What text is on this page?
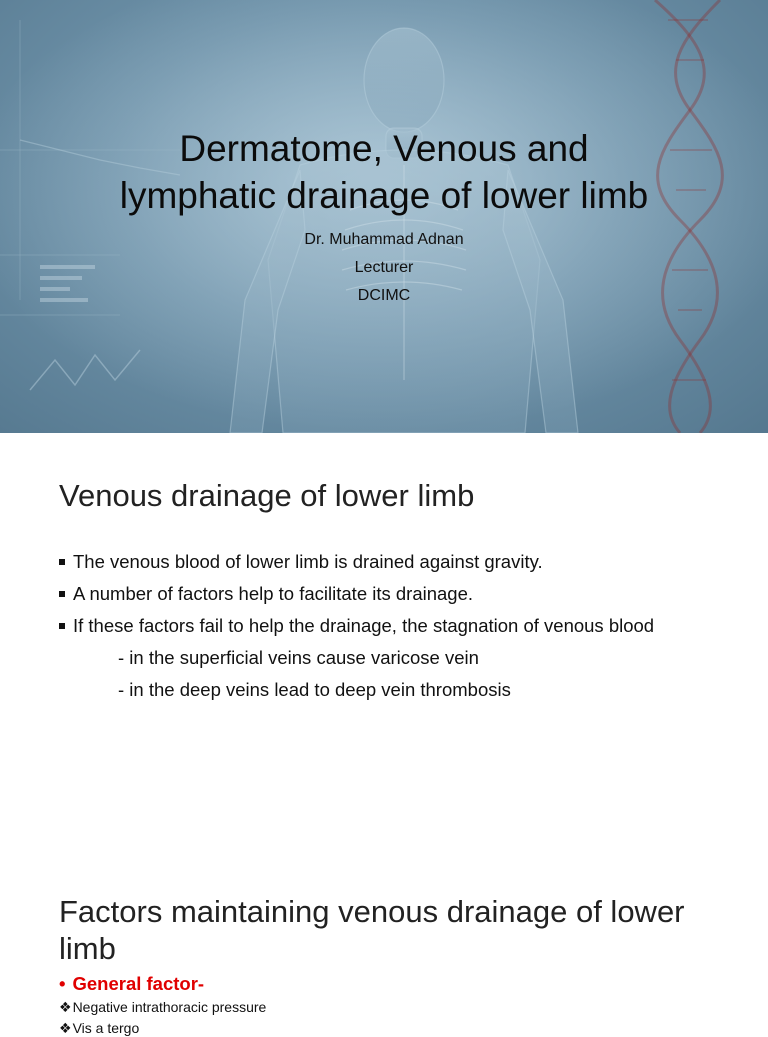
Dermatome, Venous and
lymphatic drainage of lower limb
Dr. Muhammad Adnan
Lecturer
DCIMC
Venous drainage of lower limb
The venous blood of lower limb is drained against gravity.
A number of factors help to facilitate its drainage.
If these factors fail to help the drainage, the stagnation of venous blood
- in the superficial veins cause varicose vein
- in the deep veins lead to deep vein thrombosis
Factors maintaining venous drainage of lower limb
• General factor-
❖Negative intrathoracic pressure
❖Vis a tergo
